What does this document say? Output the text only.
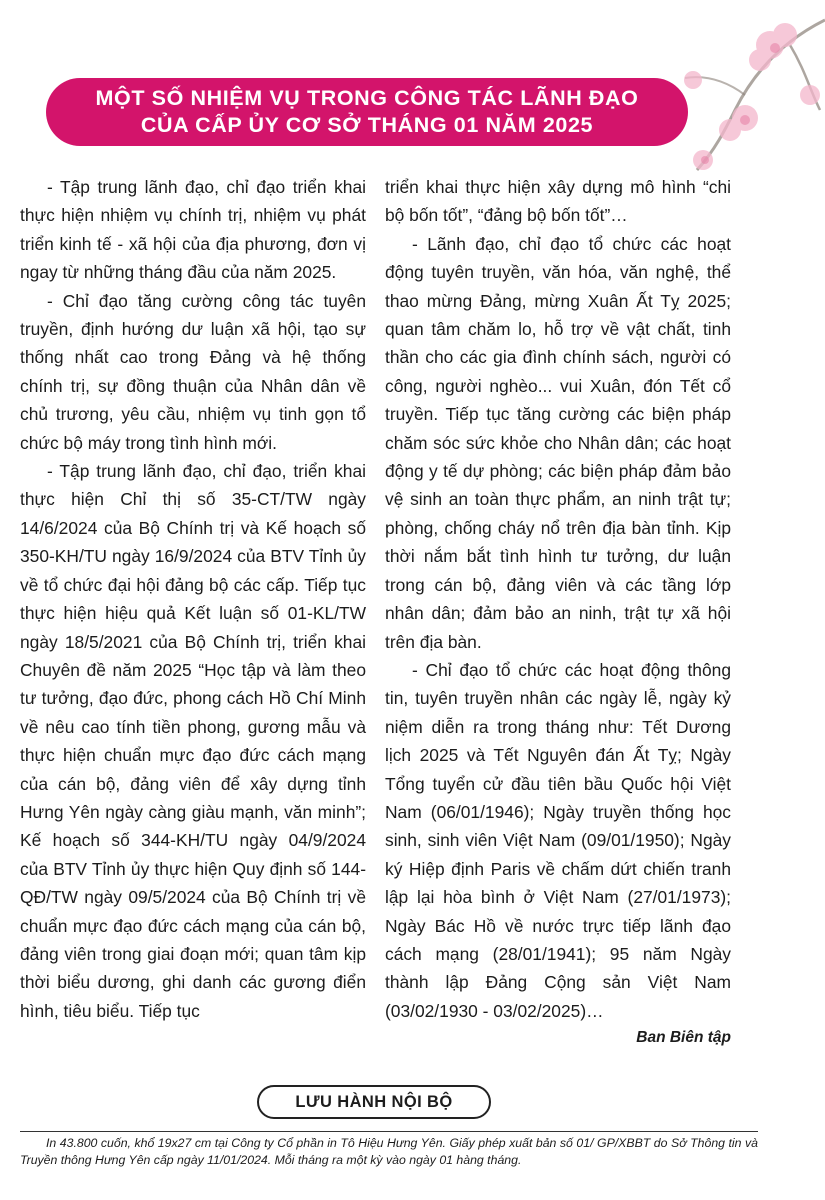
MỘT SỐ NHIỆM VỤ TRONG CÔNG TÁC LÃNH ĐẠO
CỦA CẤP ỦY CƠ SỞ THÁNG 01 NĂM 2025

- Tập trung lãnh đạo, chỉ đạo triển khai thực hiện nhiệm vụ chính trị, nhiệm vụ phát triển kinh tế - xã hội của địa phương, đơn vị ngay từ những tháng đầu của năm 2025.

- Chỉ đạo tăng cường công tác tuyên truyền, định hướng dư luận xã hội, tạo sự thống nhất cao trong Đảng và hệ thống chính trị, sự đồng thuận của Nhân dân về chủ trương, yêu cầu, nhiệm vụ tinh gọn tổ chức bộ máy trong tình hình mới.

- Tập trung lãnh đạo, chỉ đạo, triển khai thực hiện Chỉ thị số 35-CT/TW ngày 14/6/2024 của Bộ Chính trị và Kế hoạch số 350-KH/TU ngày 16/9/2024 của BTV Tỉnh ủy về tổ chức đại hội đảng bộ các cấp. Tiếp tục thực hiện hiệu quả Kết luận số 01-KL/TW ngày 18/5/2021 của Bộ Chính trị, triển khai Chuyên đề năm 2025 “Học tập và làm theo tư tưởng, đạo đức, phong cách Hồ Chí Minh về nêu cao tính tiền phong, gương mẫu và thực hiện chuẩn mực đạo đức cách mạng của cán bộ, đảng viên để xây dựng tỉnh Hưng Yên ngày càng giàu mạnh, văn minh”; Kế hoạch số 344-KH/TU ngày 04/9/2024 của BTV Tỉnh ủy thực hiện Quy định số 144-QĐ/TW ngày 09/5/2024 của Bộ Chính trị về chuẩn mực đạo đức cách mạng của cán bộ, đảng viên trong giai đoạn mới; quan tâm kịp thời biểu dương, ghi danh các gương điển hình, tiêu biểu. Tiếp tục

triển khai thực hiện xây dựng mô hình “chi bộ bốn tốt”, “đảng bộ bốn tốt”…

- Lãnh đạo, chỉ đạo tổ chức các hoạt động tuyên truyền, văn hóa, văn nghệ, thể thao mừng Đảng, mừng Xuân Ất Tỵ 2025; quan tâm chăm lo, hỗ trợ về vật chất, tinh thần cho các gia đình chính sách, người có công, người nghèo... vui Xuân, đón Tết cổ truyền. Tiếp tục tăng cường các biện pháp chăm sóc sức khỏe cho Nhân dân; các hoạt động y tế dự phòng; các biện pháp đảm bảo vệ sinh an toàn thực phẩm, an ninh trật tự; phòng, chống cháy nổ trên địa bàn tỉnh. Kịp thời nắm bắt tình hình tư tưởng, dư luận trong cán bộ, đảng viên và các tầng lớp nhân dân; đảm bảo an ninh, trật tự xã hội trên địa bàn.

- Chỉ đạo tổ chức các hoạt động thông tin, tuyên truyền nhân các ngày lễ, ngày kỷ niệm diễn ra trong tháng như: Tết Dương lịch 2025 và Tết Nguyên đán Ất Tỵ; Ngày Tổng tuyển cử đầu tiên bầu Quốc hội Việt Nam (06/01/1946); Ngày truyền thống học sinh, sinh viên Việt Nam (09/01/1950); Ngày ký Hiệp định Paris về chấm dứt chiến tranh lập lại hòa bình ở Việt Nam (27/01/1973); Ngày Bác Hồ về nước trực tiếp lãnh đạo cách mạng (28/01/1941); 95 năm Ngày thành lập Đảng Cộng sản Việt Nam (03/02/1930 - 03/02/2025)…

Ban Biên tập

LƯU HÀNH NỘI BỘ

In 43.800 cuốn, khổ 19x27 cm tại Công ty Cổ phần in Tô Hiệu Hưng Yên. Giấy phép xuất bản số 01/ GP/XBBT do Sở Thông tin và Truyền thông Hưng Yên cấp ngày 11/01/2024. Mỗi tháng ra một kỳ vào ngày 01 hàng tháng.
